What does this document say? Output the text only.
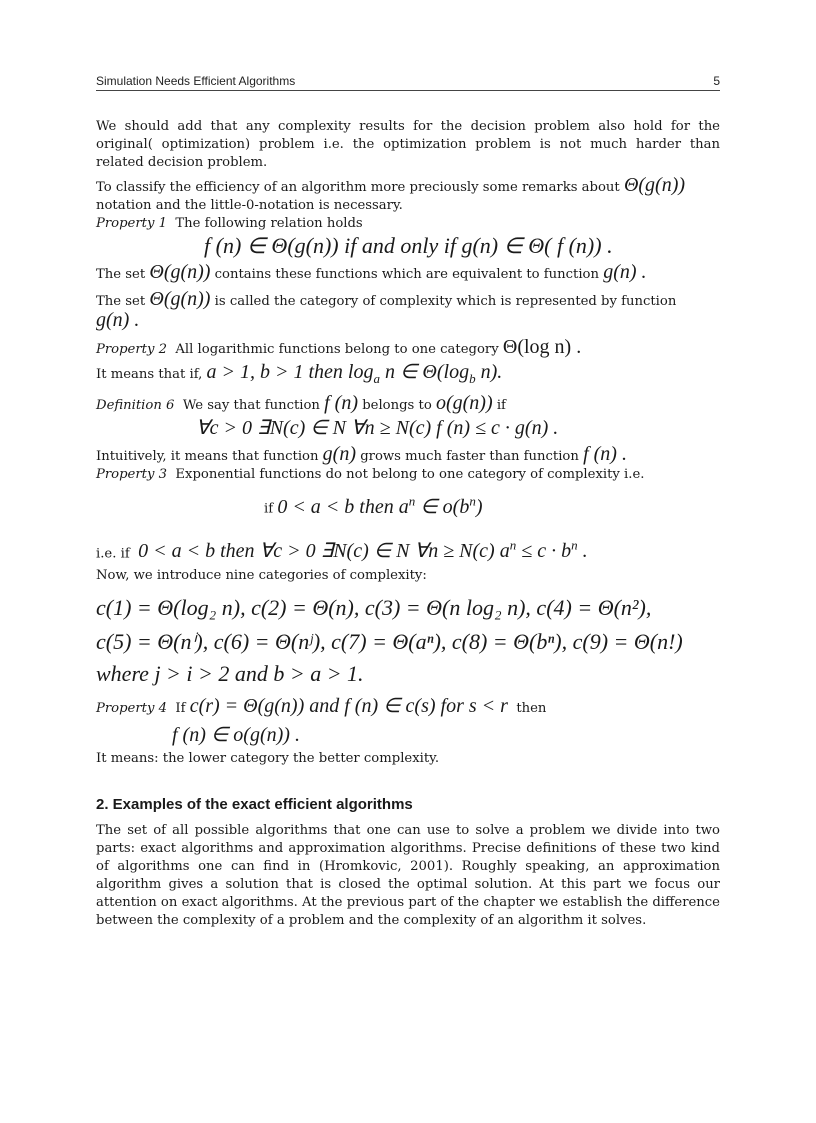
Simulation Needs Efficient Algorithms	5

We should add that any complexity results for the decision problem also hold for the original( optimization) problem i.e. the optimization problem is not much harder than related decision problem.

To classify the efficiency of an algorithm more preciously some remarks about Θ(g(n))
notation and the little-0-notation is necessary.

Property 1 The following relation holds

f (n) ∈ Θ(g(n)) if and only if g(n) ∈ Θ( f (n)) .

The set Θ(g(n)) contains these functions which are equivalent to function g(n) .

The set Θ(g(n)) is called the category of complexity which is represented by function
g(n) .

Property 2 All logarithmic functions belong to one category Θ(log n) .

It means that if, a > 1, b > 1 then $\log_a n$ ∈ $\Theta(\log_b$ n).

Definition 6 We say that function f (n) belongs to o(g(n)) if

∀c > 0 ∃N(c) ∈ N ∀n ≥ N(c) f (n) ≤ c · g(n) .

Intuitively, it means that function g(n) grows much faster than function f (n) .

Property 3 Exponential functions do not belong to one category of complexity i.e.

if 0 < a < b then $a^n$ ∈ $o(b^n)$

i.e. if 0 < a < b then ∀c > 0 ∃N(c) ∈ N ∀n ≥ N(c) $a^n \le c \cdot b^n$ .

Now, we introduce nine categories of complexity:

c(1) = Θ(log₂ n), c(2) = Θ(n), c(3) = Θ(n log₂ n), c(4) = Θ(n²),

c(5) = Θ(nⁱ), c(6) = Θ(nʲ), c(7) = Θ(aⁿ), c(8) = Θ(bⁿ), c(9) = Θ(n!)

where j > i > 2 and b > a > 1.

Property 4 If c(r) = Θ(g(n)) and f (n) ∈ c(s) for s < r then

f (n) ∈ o(g(n)) .

It means: the lower category the better complexity.

2. Examples of the exact efficient algorithms

The set of all possible algorithms that one can use to solve a problem we divide into two parts: exact algorithms and approximation algorithms. Precise definitions of these two kind of algorithms one can find in (Hromkovic, 2001). Roughly speaking, an approximation algorithm gives a solution that is closed the optimal solution. At this part we focus our attention on exact algorithms. At the previous part of the chapter we establish the difference between the complexity of a problem and the complexity of an algorithm it solves.
